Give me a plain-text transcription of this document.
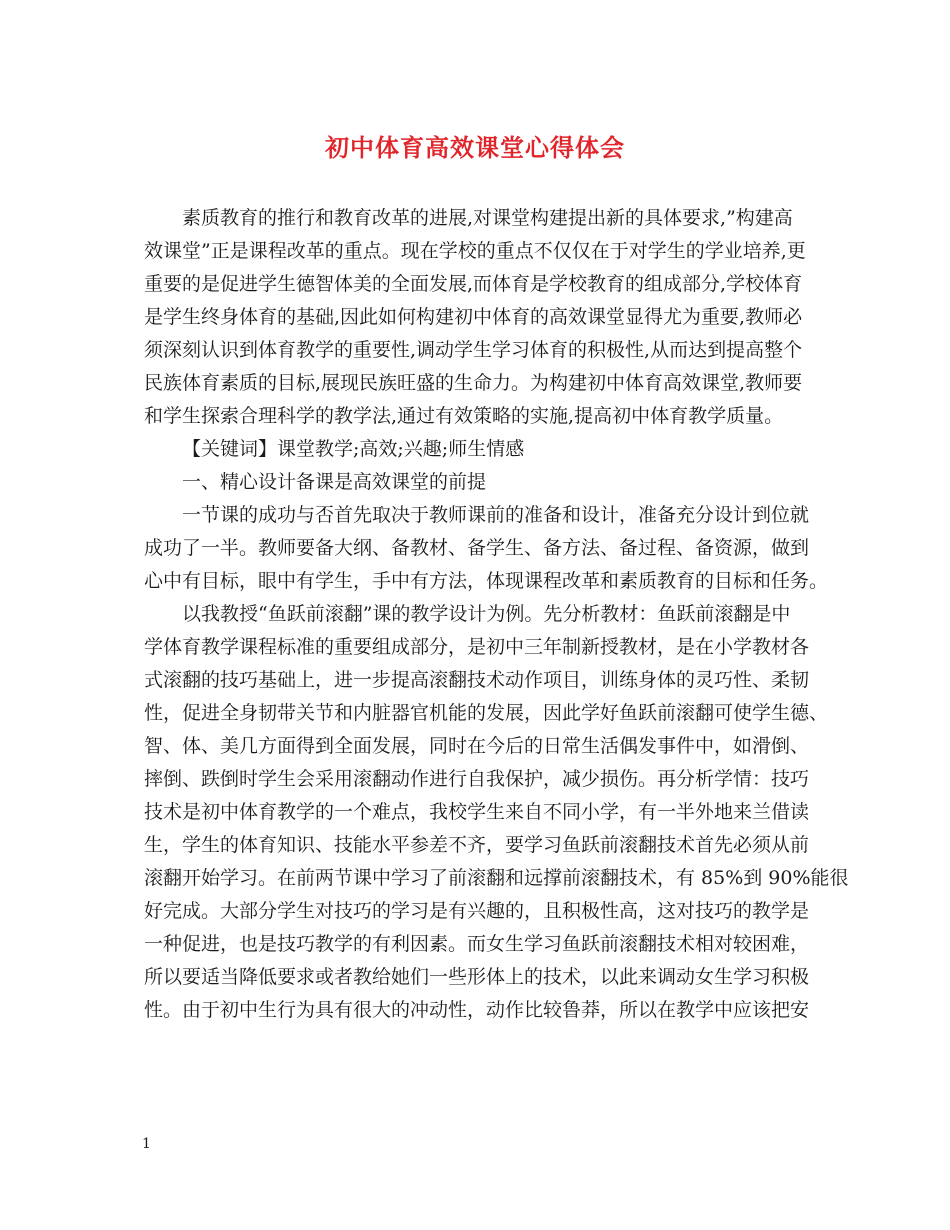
初中体育高效课堂心得体会
素质教育的推行和教育改革的进展,对课堂构建提出新的具体要求,”构建高
效课堂”正是课程改革的重点。现在学校的重点不仅仅在于对学生的学业培养,更
重要的是促进学生德智体美的全面发展,而体育是学校教育的组成部分,学校体育
是学生终身体育的基础,因此如何构建初中体育的高效课堂显得尤为重要,教师必
须深刻认识到体育教学的重要性,调动学生学习体育的积极性,从而达到提高整个
民族体育素质的目标,展现民族旺盛的生命力。为构建初中体育高效课堂,教师要
和学生探索合理科学的教学法,通过有效策略的实施,提高初中体育教学质量。
【关键词】课堂教学;高效;兴趣;师生情感
一、精心设计备课是高效课堂的前提
一节课的成功与否首先取决于教师课前的准备和设计，准备充分设计到位就
成功了一半。教师要备大纲、备教材、备学生、备方法、备过程、备资源，做到
心中有目标，眼中有学生，手中有方法，体现课程改革和素质教育的目标和任务。
以我教授“鱼跃前滚翻”课的教学设计为例。先分析教材：鱼跃前滚翻是中
学体育教学课程标准的重要组成部分，是初中三年制新授教材，是在小学教材各
式滚翻的技巧基础上，进一步提高滚翻技术动作项目，训练身体的灵巧性、柔韧
性，促进全身韧带关节和内脏器官机能的发展，因此学好鱼跃前滚翻可使学生德、
智、体、美几方面得到全面发展，同时在今后的日常生活偶发事件中，如滑倒、
摔倒、跌倒时学生会采用滚翻动作进行自我保护，减少损伤。再分析学情：技巧
技术是初中体育教学的一个难点，我校学生来自不同小学，有一半外地来兰借读
生，学生的体育知识、技能水平参差不齐，要学习鱼跃前滚翻技术首先必须从前
滚翻开始学习。在前两节课中学习了前滚翻和远撑前滚翻技术，有 85%到 90%能很
好完成。大部分学生对技巧的学习是有兴趣的，且积极性高，这对技巧的教学是
一种促进，也是技巧教学的有利因素。而女生学习鱼跃前滚翻技术相对较困难，
所以要适当降低要求或者教给她们一些形体上的技术，以此来调动女生学习积极
性。由于初中生行为具有很大的冲动性，动作比较鲁莽，所以在教学中应该把安
1
